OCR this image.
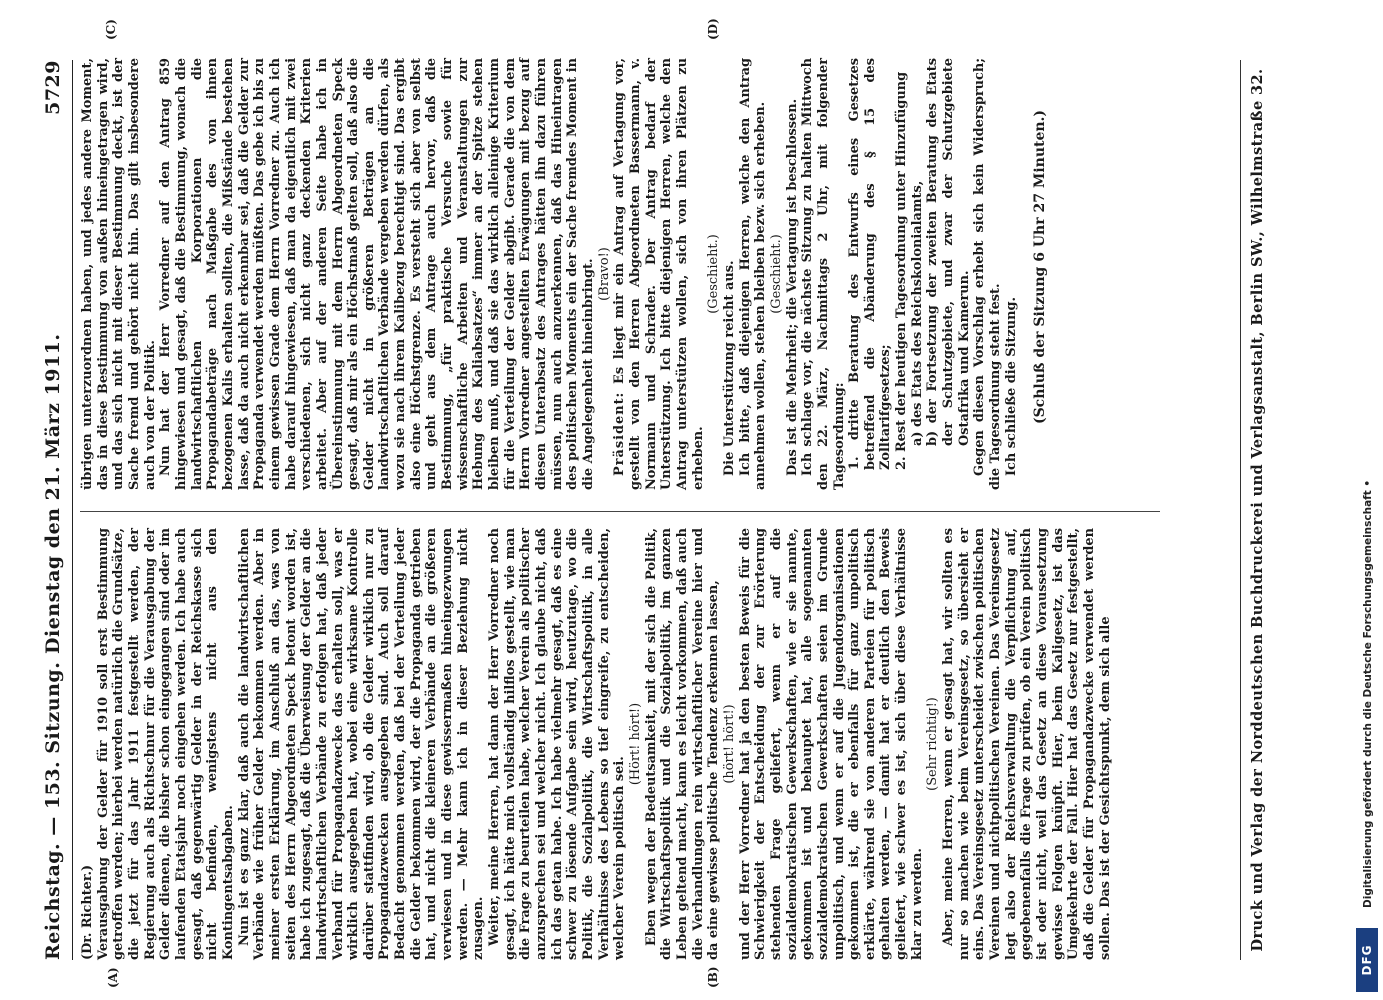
Reichstag. — 153. Sitzung.
Dienstag den 21. März 1911.
5729
(A)	(B)
(C)	(D)

(Dr. Richter.) Verausgabung der Gelder für 1910 soll erst Bestimmung getroffen werden; hierbei werden natürlich die Grundsätze, die jetzt für das Jahr 1911 festgestellt werden, der Regierung auch als Richtschnur für die Verausgabung der Gelder dienen, die bisher schon eingegangen sind oder im laufenden Etatsjahr noch eingehen werden. Ich habe auch gesagt, daß gegenwärtig Gelder in der Reichskasse sich nicht befinden, wenigstens nicht aus den Kontingentsabgaben. Nun ist es ganz klar, daß auch die landwirtschaftlichen Verbände wie früher Gelder bekommen werden. Aber in meiner ersten Erklärung, im Anschluß an das, was von seiten des Herrn Abgeordneten Speck betont worden ist, habe ich zugesagt, daß die Überweisung der Gelder an die landwirtschaftlichen Verbände zu erfolgen hat, daß jeder Verband für Propagandazwecke das erhalten soll, was er wirklich ausgegeben hat, wobei eine wirksame Kontrolle darüber stattfinden wird, ob die Gelder wirklich nur zu Propagandazwecken ausgegeben sind. Auch soll darauf Bedacht genommen werden, daß bei der Verteilung jeder die Gelder bekommen wird, der die Propaganda getrieben hat, und nicht die kleineren Verbände an die größeren verwiesen und in diese gewissermaßen hineingezwungen werden. — Mehr kann ich in dieser Beziehung nicht zusagen. Weiter, meine Herren, hat dann der Herr Vorredner noch gesagt, ich hätte mich vollständig hilflos gestellt, wie man die Frage zu beurteilen habe, welcher Verein als politischer anzusprechen sei und welcher nicht. Ich glaube nicht, daß ich das getan habe. Ich habe vielmehr gesagt, daß es eine schwer zu lösende Aufgabe sein wird, heutzutage, wo die Politik, die Sozialpolitik, die Wirtschaftspolitik, in alle Verhältnisse des Lebens so tief eingreife, zu entscheiden, welcher Verein politisch sei.

(Hört! hört!) Eben wegen der Bedeutsamkeit, mit der sich die Politik, die Wirtschaftspolitik und die Sozialpolitik, im ganzen Leben geltend macht, kann es leicht vorkommen, daß auch die Verhandlungen rein wirtschaftlicher Vereine hier und da eine gewisse politische Tendenz erkennen lassen, (hört! hört!) und der Herr Vorredner hat ja den besten Beweis für die Schwierigkeit der Entscheidung der zur Erörterung stehenden Frage geliefert, wenn er auf die sozialdemokratischen Gewerkschaften, wie er sie nannte, gekommen ist und behauptet hat, alle sogenannten sozialdemokratischen Gewerkschaften seien im Grunde unpolitisch, und wenn er auf die Jugendorganisationen gekommen ist, die er ebenfalls für ganz unpolitisch erklärte, während sie von anderen Parteien für politisch gehalten werden, — damit hat er deutlich den Beweis geliefert, wie schwer es ist, sich über diese Verhältnisse klar zu werden.

(Sehr richtig!) Aber, meine Herren, wenn er gesagt hat, wir sollten es nur so machen wie beim Vereinsgesetz, so übersieht er eins. Das Vereinsgesetz unterscheidet zwischen politischen Vereinen und nichtpolitischen Vereinen. Das Vereinsgesetz legt also der Reichsverwaltung die Verpflichtung auf, gegebenenfalls die Frage zu prüfen, ob ein Verein politisch ist oder nicht, weil das Gesetz an diese Voraussetzung gewisse Folgen knüpft. Hier, beim Kaligesetz, ist das Umgekehrte der Fall. Hier hat das Gesetz nur festgestellt, daß die Gelder für Propagandazwecke verwendet werden sollen. Das ist der Gesichtspunkt, dem sich alle

übrigen unterzuordnen haben, und jedes andere Moment, das in diese Bestimmung von außen hineingetragen wird, und das sich nicht mit dieser Bestimmung deckt, ist der Sache fremd und gehört nicht hin. Das gilt insbesondere auch von der Politik. Nun hat der Herr Vorredner auf den Antrag 859 hingewiesen und gesagt, daß die Bestimmung, wonach die landwirtschaftlichen Korporationen die Propagandabeträge nach Maßgabe des von ihnen bezogenen Kalis erhalten sollten, die Mißstände bestehen lasse, daß da auch nicht erkennbar sei, daß die Gelder zur Propaganda verwendet werden müßten. Das gebe ich bis zu einem gewissen Grade dem Herrn Vorredner zu. Auch ich habe darauf hingewiesen, daß man da eigentlich mit zwei verschiedenen, sich nicht ganz deckenden Kriterien arbeitet. Aber auf der anderen Seite habe ich in Übereinstimmung mit dem Herrn Abgeordneten Speck gesagt, daß mir als ein Höchstmaß gelten soll, daß also die Gelder nicht in größeren Beträgen an die landwirtschaftlichen Verbände vergeben werden dürfen, als wozu sie nach ihrem Kalibezug berechtigt sind. Das ergibt also eine Höchstgrenze. Es versteht sich aber von selbst und geht aus dem Antrage auch hervor, daß die Bestimmung, „für praktische Versuche sowie für wissenschaftliche Arbeiten und Veranstaltungen zur Hebung des Kaliabsatzes“ immer an der Spitze stehen bleiben muß, und daß sie das wirklich alleinige Kriterium für die Verteilung der Gelder abgibt. Gerade die von dem Herrn Vorredner angestellten Erwägungen mit bezug auf diesen Unterabsatz des Antrages hätten ihn dazu führen müssen, nun auch anzuerkennen, daß das Hineintragen des politischen Moments ein der Sache fremdes Moment in die Angelegenheit hineinbringt. (Bravo!)

Präsident: Es liegt mir ein Antrag auf Vertagung vor, gestellt von den Herren Abgeordneten Bassermann, v. Normann und Schrader. Der Antrag bedarf der Unterstützung. Ich bitte diejenigen Herren, welche den Antrag unterstützen wollen, sich von ihren Plätzen zu erheben.

(Geschieht.) Die Unterstützung reicht aus. Ich bitte, daß diejenigen Herren, welche den Antrag annehmen wollen, stehen bleiben bezw. sich erheben. (Geschieht.) Das ist die Mehrheit; die Vertagung ist beschlossen. Ich schlage vor, die nächste Sitzung zu halten Mittwoch den 22. März, Nachmittags 2 Uhr, mit folgender Tagesordnung: 1. dritte Beratung des Entwurfs eines Gesetzes betreffend die Abänderung des § 15 des Zolltarifgesetzes; 2. Rest der heutigen Tagesordnung unter Hinzufügung a) des Etats des Reichskolonialamts, b) der Fortsetzung der zweiten Beratung des Etats der Schutzgebiete, und zwar der Schutzgebiete Ostafrika und Kamerun. Gegen diesen Vorschlag erhebt sich kein Widerspruch; die Tagesordnung steht fest. Ich schließe die Sitzung. (Schluß der Sitzung 6 Uhr 27 Minuten.)	Druck und Verlag der Norddeutschen Buchdruckerei und Verlagsanstalt, Berlin SW., Wilhelmstraße 32.
DFG
Digitalisierung gefördert durch die Deutsche Forschungsgemeinschaft •
